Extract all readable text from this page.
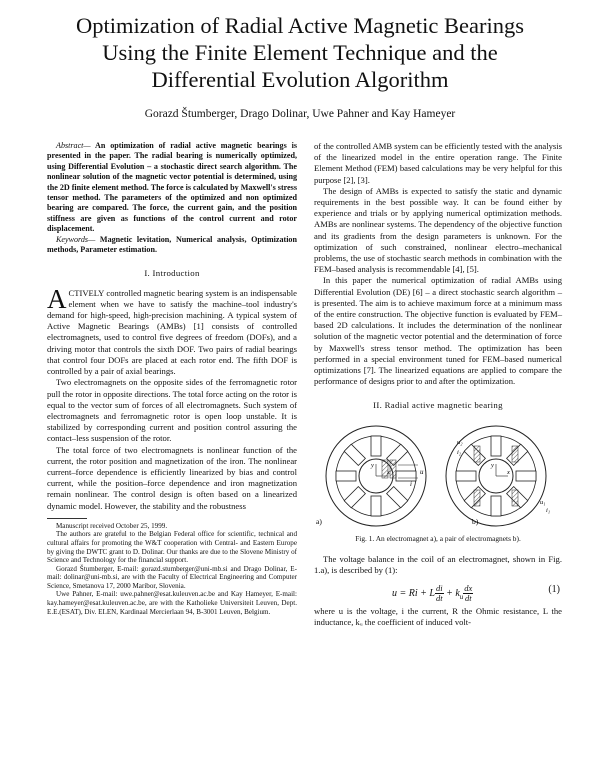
Optimization of Radial Active Magnetic Bearings
Using the Finite Element Technique and the
Differential Evolution Algorithm
Gorazd Štumberger, Drago Dolinar, Uwe Pahner and Kay Hameyer

Abstract— An optimization of radial active magnetic bearings is presented in the paper. The radial bearing is numerically optimized, using Differential Evolution – a stochastic direct search algorithm. The nonlinear solution of the magnetic vector potential is determined, using the 2D finite element method. The force is calculated by Maxwell's stress tensor method. The parameters of the optimized and non optimized bearing are compared. The force, the current gain, and the position stiffness are given as functions of the control current and rotor displacement.

Keywords— Magnetic levitation, Numerical analysis, Optimization methods, Parameter estimation.

I. Introduction

ACTIVELY controlled magnetic bearing system is an indispensable element when we have to satisfy the machine–tool industry's demand for high-speed, high-precision machining. A typical system of Active Magnetic Bearings (AMBs) [1] consists of controlled electromagnets, used to control five degrees of freedom (DOFs), and a driving motor that controls the sixth DOF. Two pairs of radial bearings that control four DOFs are placed at each rotor end. The fifth DOF is controlled by a pair of axial bearings.

Two electromagnets on the opposite sides of the ferromagnetic rotor pull the rotor in opposite directions. The total force acting on the rotor is equal to the vector sum of forces of all electromagnets. Such system of electromagnets and ferromagnetic rotor is open loop unstable. It is stabilized by corresponding current and position control assuring the contact–less suspension of the rotor.

The total force of two electromagnets is nonlinear function of the current, the rotor position and magnetization of the iron. The nonlinear current–force dependence is efficiently linearized by bias and control current, while the position–force dependence and iron magnetization remain nonlinear. The control design is often based on a linearized dynamic model. However, the stability and the robustness

Manuscript received October 25, 1999.

The authors are grateful to the Belgian Federal office for scientific, technical and cultural affairs for promoting the W&T cooperation with Central- and Eastern Europe by giving the DWTC grant to D. Dolinar. Our thanks are due to the Slovene Ministry of Science and Technology for the financial support.

Gorazd Štumberger, E-mail: gorazd.stumberger@uni-mb.si and Drago Dolinar, E-mail: dolinar@uni-mb.si, are with the Faculty of Electrical Engineering and Computer Science, Smetanova 17, 2000 Maribor, Slovenia.

Uwe Pahner, E-mail: uwe.pahner@esat.kuleuven.ac.be and Kay Hameyer, E-mail: kay.hameyer@esat.kuleuven.ac.be, are with the Katholieke Universiteit Leuven, Dept. E.E.(ESAT), Div. ELEN, Kardinaal Mercierlaan 94, B-3001 Leuven, Belgium.

of the controlled AMB system can be efficiently tested with the analysis of the linearized model in the entire operation range. The Finite Element Method (FEM) based calculations may be very helpful for this purpose [2], [3].

The design of AMBs is expected to satisfy the static and dynamic requirements in the best possible way. It can be found either by experience and trials or by applying numerical optimization methods. AMBs are nonlinear systems. The dependency of the objective function and its gradients from the design parameters is unknown. For the optimization of such constrained, nonlinear electro–mechanical problems, the use of stochastic search methods in combination with the FEM–based analysis is recommendable [4], [5].

In this paper the numerical optimization of radial AMBs using Differential Evolution (DE) [6] – a direct stochastic search algorithm – is presented. The aim is to achieve maximum force at a minimum mass of the entire construction. The objective function is evaluated by FEM–based 2D calculations. It includes the determination of the nonlinear solution of the magnetic vector potential and the determination of force by Maxwell's stress tensor method. The optimization has been performed in a special environment tuned for FEM–based numerical optimizations [7]. The linearized equations are applied to compare the performance of designs prior to and after the optimization.

II. Radial active magnetic bearing
y
x	u
i
a)
y
x
u₂
i₂
u₁
i₁
b)
Fig. 1. An electromagnet a), a pair of electromagnets b).

The voltage balance in the coil of an electromagnet, shown in Fig. 1.a), is described by (1):

u = Ri + L $\frac{di}{dt} + k_u \frac{dx}{dt}$	(1)

where u is the voltage, i the current, R the Ohmic resistance, L the inductance, kᵤ the coefficient of induced volt-
